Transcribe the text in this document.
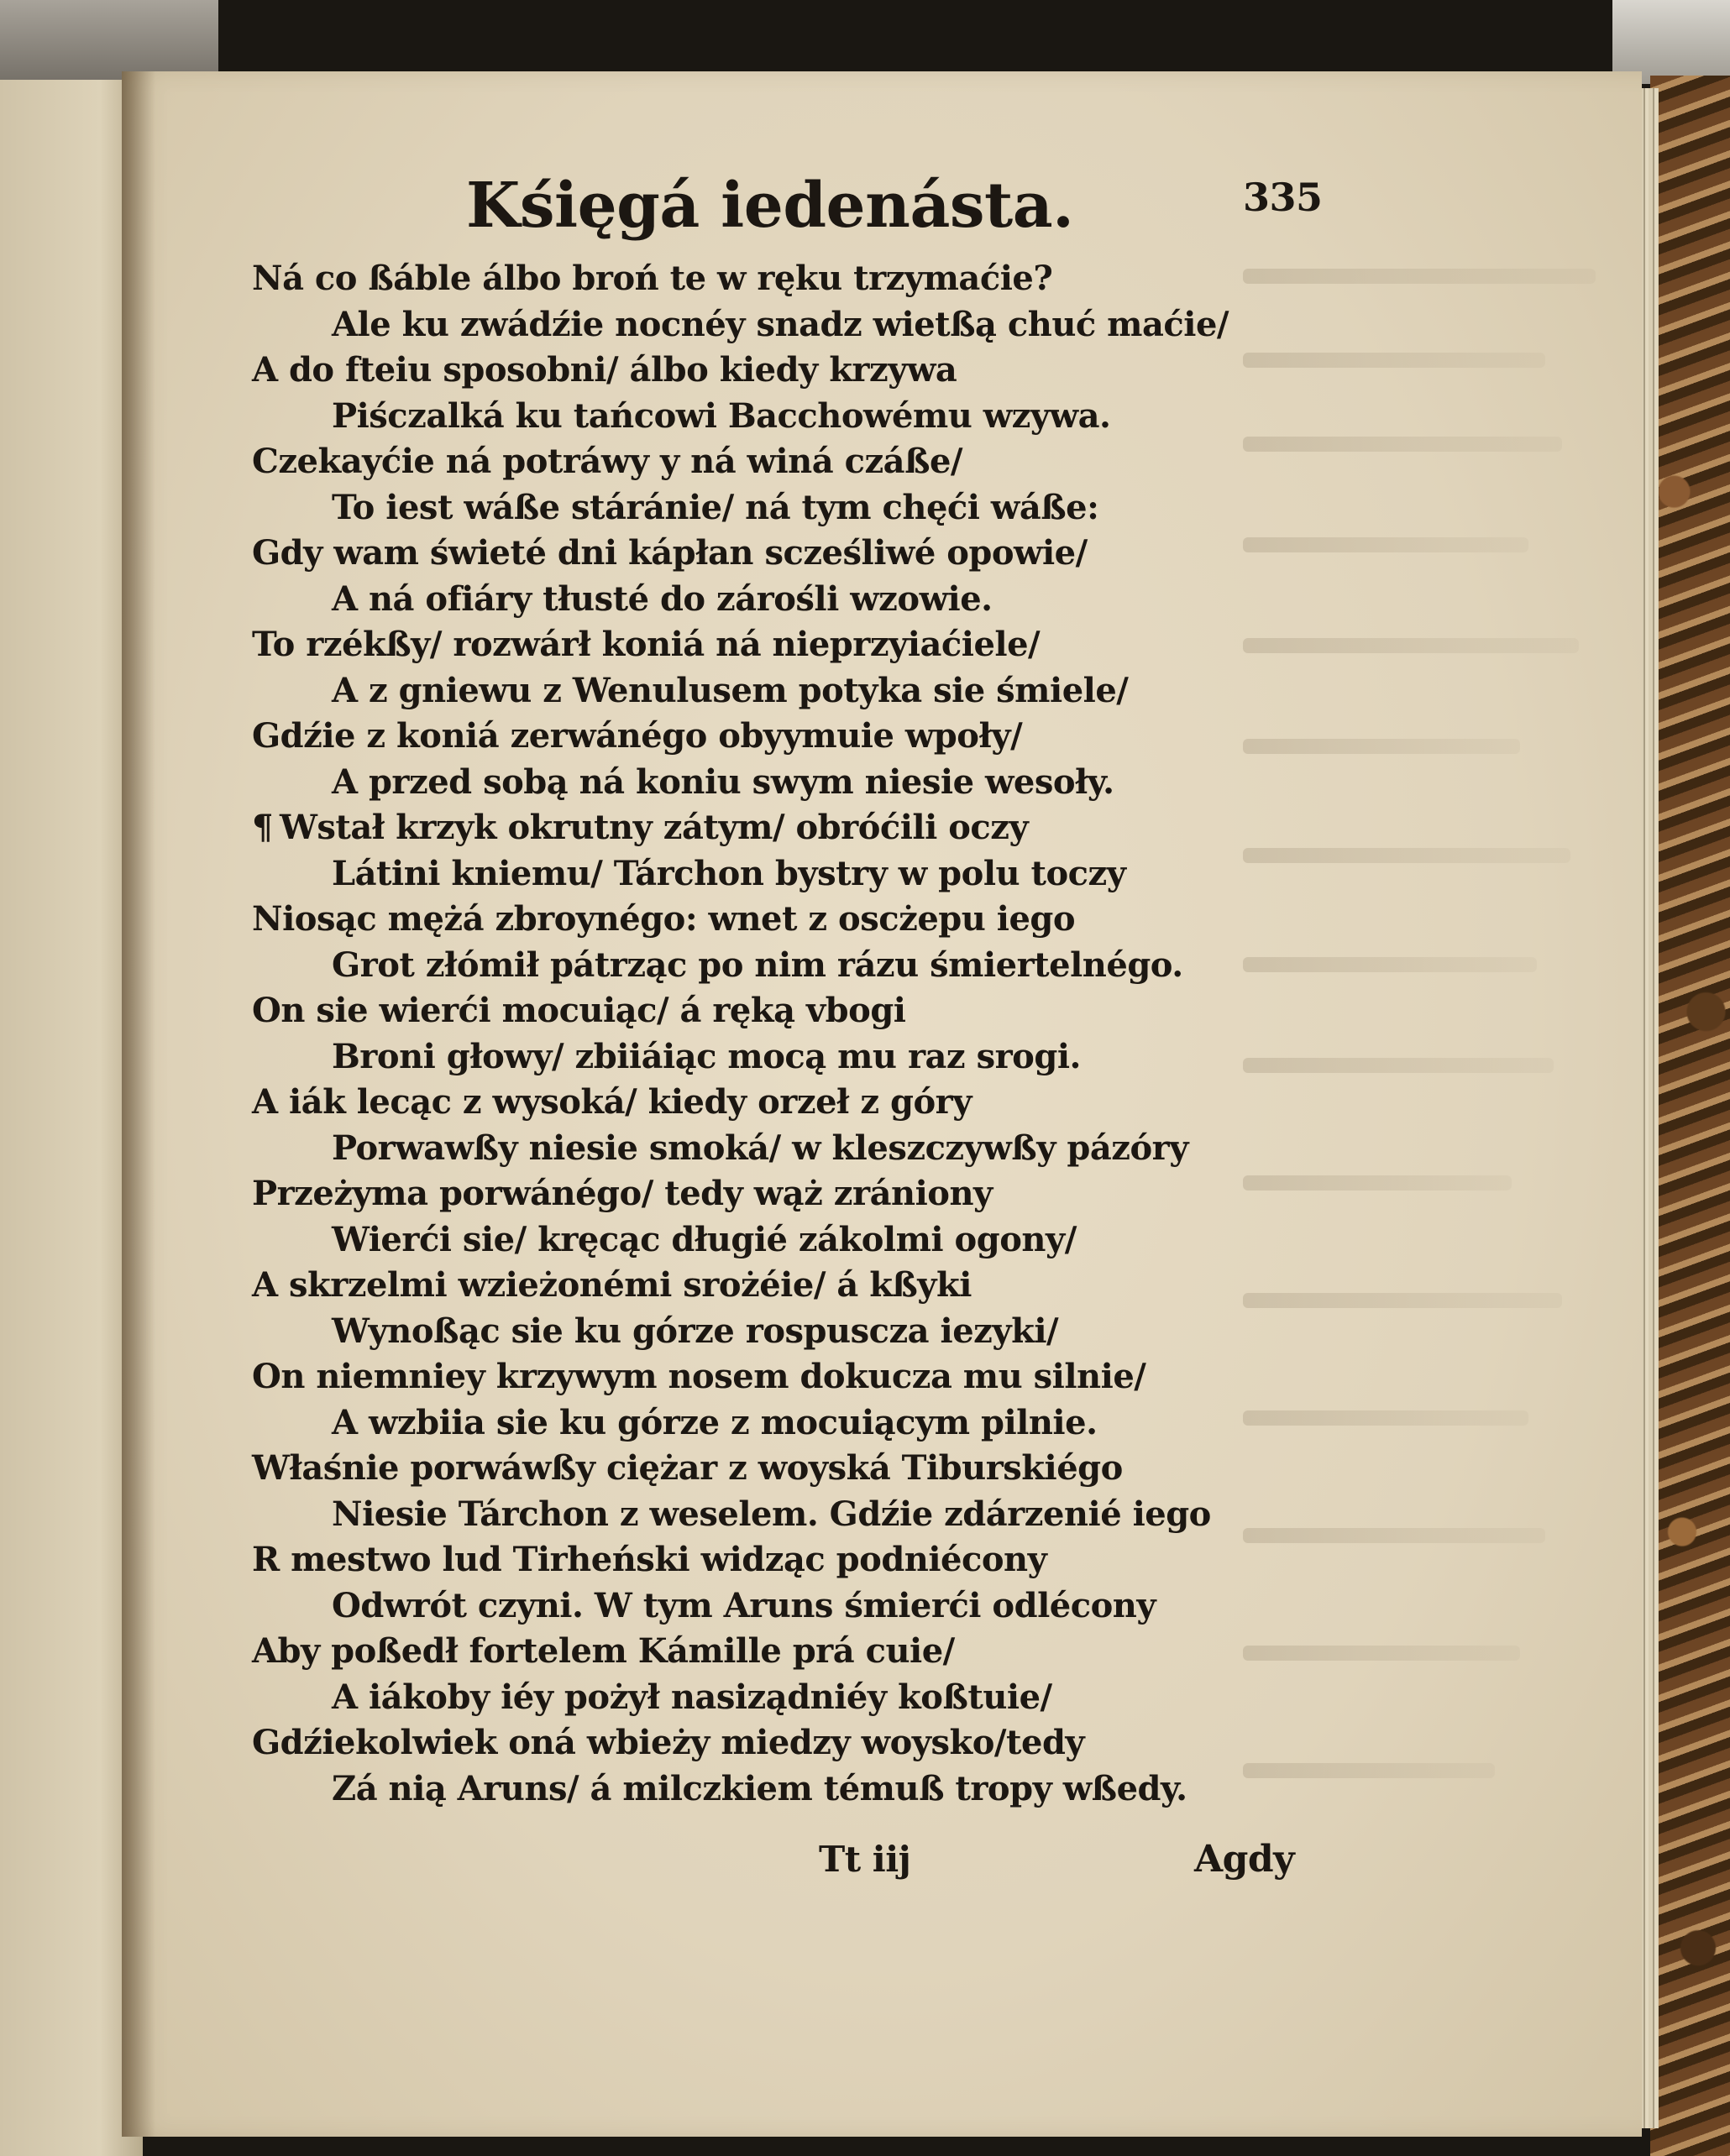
Kśięgá iedenásta.	335
Ná co ßáble álbo broń te w ręku trzymaćie?
Ale ku zwádźie nocnéy snadz wietßą chuć maćie/
A do fteiu sposobni/ álbo kiedy krzywa
Piśczalká ku tańcowi Bacchowému wzywa.
Czekayćie ná potráwy y ná winá czáße/
To iest wáße stáránie/ ná tym chęći wáße:
Gdy wam świeté dni kápłan scześliwé opowie/
A ná ofiáry tłusté do zárośli wzowie.
To rzékßy/ rozwárł koniá ná nieprzyiaćiele/
A z gniewu z Wenulusem potyka sie śmiele/
Gdźie z koniá zerwánégo obyymuie wpoły/
A przed sobą ná koniu swym niesie wesoły.
¶ Wstał krzyk okrutny zátym/ obróćili oczy
Látini kniemu/ Tárchon bystry w polu toczy
Niosąc mężá zbroynégo: wnet z oscżepu iego
Grot złómił pátrząc po nim rázu śmiertelnégo.
On sie wierći mocuiąc/ á ręką vbogi
Broni głowy/ zbiiáiąc mocą mu raz srogi.
A iák lecąc z wysoká/ kiedy orzeł z góry
Porwawßy niesie smoká/ w kleszczywßy pázóry
Przeżyma porwánégo/ tedy wąż zrániony
Wierći sie/ kręcąc długié zákolmi ogony/
A skrzelmi wzieżonémi srożéie/ á kßyki
Wynoßąc sie ku górze rospuscza iezyki/
On niemniey krzywym nosem dokucza mu silnie/
A wzbiia sie ku górze z mocuiącym pilnie.
Właśnie porwáwßy ciężar z woyská Tiburskiégo
Niesie Tárchon z weselem. Gdźie zdárzenié iego
R mestwo lud Tirheński widząc podniécony
Odwrót czyni. W tym Aruns śmierći odlécony
Aby poßedł fortelem Kámille prá cuie/
A iákoby iéy pożył nasiządniéy koßtuie/
Gdźiekolwiek oná wbieży miedzy woysko/tedy
Zá nią Aruns/ á milczkiem témuß tropy wßedy.
Tt iij	Agdy
